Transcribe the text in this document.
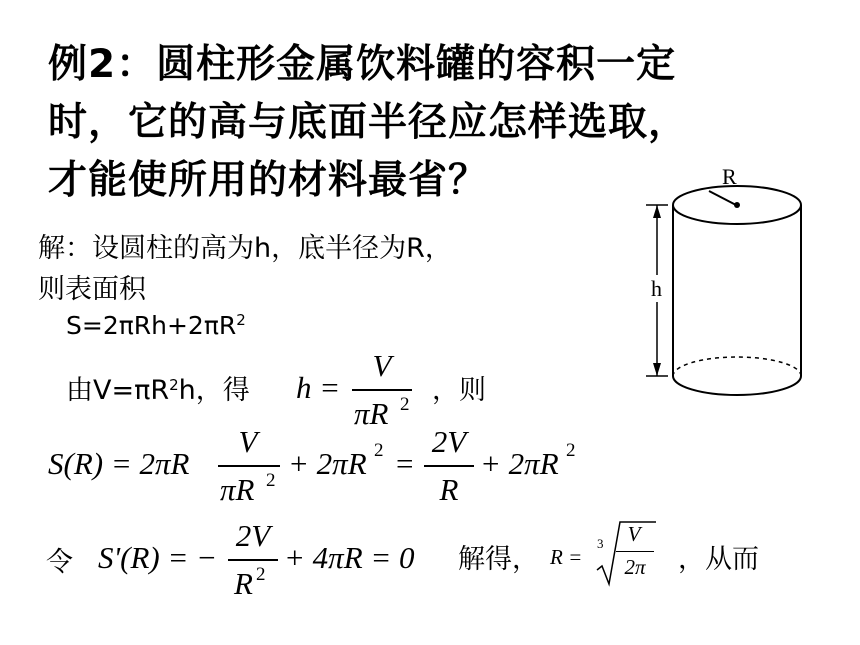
例2：圆柱形金属饮料罐的容积一定
时，它的高与底面半径应怎样选取，
才能使所用的材料最省？
解：设圆柱的高为h，底半径为R，
则表面积
$S=2\pi Rh+2\pi R^2$
由$V=\pi R^2h$，得 h =
V
πR 2 ，则
S(R) = 2πR
V
πR 2 + 2πR 2 =
2V
R
+ 2πR 2
令 S'(R) = −
2V
R 2 + 4πR = 0 解得， R =
3	V
2π	，从而
R
h
